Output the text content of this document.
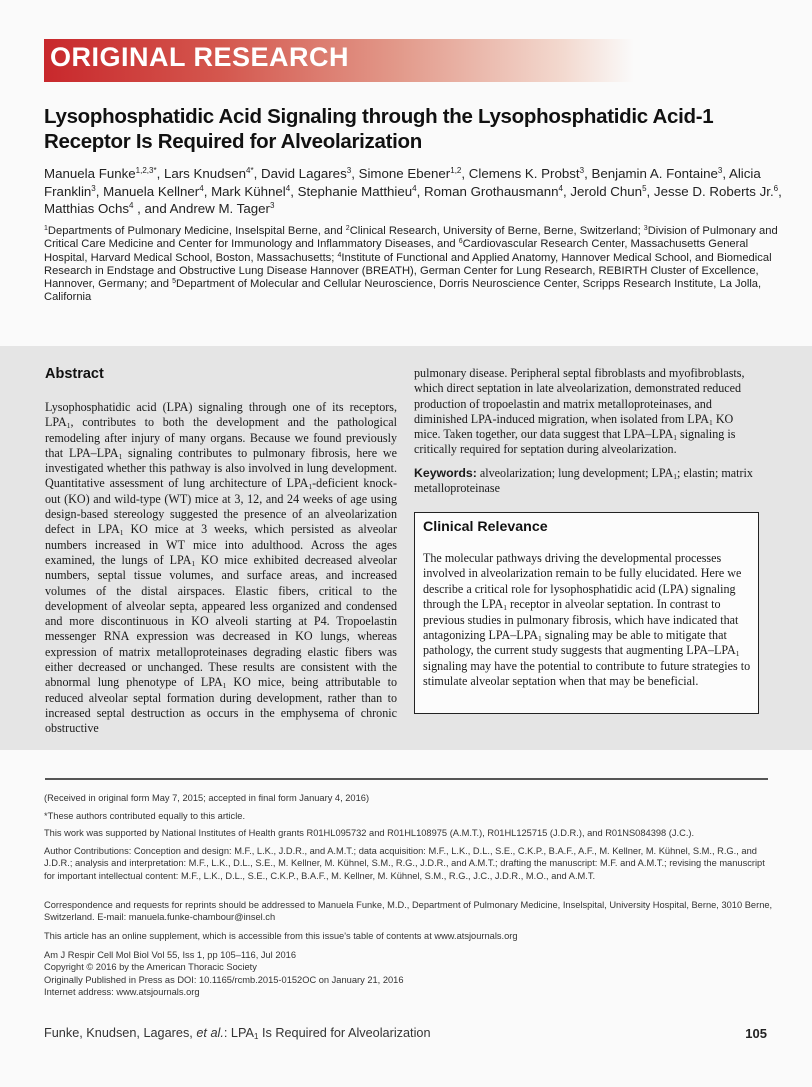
ORIGINAL RESEARCH
Lysophosphatidic Acid Signaling through the Lysophosphatidic Acid-1 Receptor Is Required for Alveolarization
Manuela Funke$^{1,2,3*}$, Lars Knudsen$^{4*}$, David Lagares$^3$, Simone Ebener$^{1,2}$, Clemens K. Probst$^3$, Benjamin A. Fontaine$^3$, Alicia Franklin$^3$, Manuela Kellner$^4$, Mark Kühnel$^4$, Stephanie Matthieu$^4$, Roman Grothausmann$^4$, Jerold Chun$^5$, Jesse D. Roberts Jr.$^6$, Matthias Ochs$^4$ , and Andrew M. Tager$^3$
$^1$Departments of Pulmonary Medicine, Inselspital Berne, and $^2$Clinical Research, University of Berne, Berne, Switzerland; $^3$Division of Pulmonary and Critical Care Medicine and Center for Immunology and Inflammatory Diseases, and $^6$Cardiovascular Research Center, Massachusetts General Hospital, Harvard Medical School, Boston, Massachusetts; $^4$Institute of Functional and Applied Anatomy, Hannover Medical School, and Biomedical Research in Endstage and Obstructive Lung Disease Hannover (BREATH), German Center for Lung Research, REBIRTH Cluster of Excellence, Hannover, Germany; and $^5$Department of Molecular and Cellular Neuroscience, Dorris Neuroscience Center, Scripps Research Institute, La Jolla, California
Abstract
Lysophosphatidic acid (LPA) signaling through one of its receptors, $LPA_1$, contributes to both the development and the pathological remodeling after injury of many organs. Because we found previously that LPA–$LPA_1$ signaling contributes to pulmonary fibrosis, here we investigated whether this pathway is also involved in lung development. Quantitative assessment of lung architecture of $LPA_1$-deficient knock-out (KO) and wild-type (WT) mice at 3, 12, and 24 weeks of age using design-based stereology suggested the presence of an alveolarization defect in $LPA_1$ KO mice at 3 weeks, which persisted as alveolar numbers increased in WT mice into adulthood. Across the ages examined, the lungs of $LPA_1$ KO mice exhibited decreased alveolar numbers, septal tissue volumes, and surface areas, and increased volumes of the distal airspaces. Elastic fibers, critical to the development of alveolar septa, appeared less organized and condensed and more discontinuous in KO alveoli starting at P4. Tropoelastin messenger RNA expression was decreased in KO lungs, whereas expression of matrix metalloproteinases degrading elastic fibers was either decreased or unchanged. These results are consistent with the abnormal lung phenotype of $LPA_1$ KO mice, being attributable to reduced alveolar septal formation during development, rather than to increased septal destruction as occurs in the emphysema of chronic obstructive
pulmonary disease. Peripheral septal fibroblasts and myofibroblasts, which direct septation in late alveolarization, demonstrated reduced production of tropoelastin and matrix metalloproteinases, and diminished LPA-induced migration, when isolated from $LPA_1$ KO mice. Taken together, our data suggest that LPA–$LPA_1$ signaling is critically required for septation during alveolarization.
Keywords: alveolarization; lung development; $LPA_1$; elastin; matrix metalloproteinase
Clinical Relevance
The molecular pathways driving the developmental processes involved in alveolarization remain to be fully elucidated. Here we describe a critical role for lysophosphatidic acid (LPA) signaling through the $LPA_1$ receptor in alveolar septation. In contrast to previous studies in pulmonary fibrosis, which have indicated that antagonizing LPA–$LPA_1$ signaling may be able to mitigate that pathology, the current study suggests that augmenting LPA–$LPA_1$ signaling may have the potential to contribute to future strategies to stimulate alveolar septation when that may be beneficial.
(Received in original form May 7, 2015; accepted in final form January 4, 2016)
*These authors contributed equally to this article.
This work was supported by National Institutes of Health grants R01HL095732 and R01HL108975 (A.M.T.), R01HL125715 (J.D.R.), and R01NS084398 (J.C.).
Author Contributions: Conception and design: M.F., L.K., J.D.R., and A.M.T.; data acquisition: M.F., L.K., D.L., S.E., C.K.P., B.A.F., A.F., M. Kellner, M. Kühnel, S.M., R.G., and J.D.R.; analysis and interpretation: M.F., L.K., D.L., S.E., M. Kellner, M. Kühnel, S.M., R.G., J.D.R., and A.M.T.; drafting the manuscript: M.F. and A.M.T.; revising the manuscript for important intellectual content: M.F., L.K., D.L., S.E., C.K.P., B.A.F., M. Kellner, M. Kühnel, S.M., R.G., J.C., J.D.R., M.O., and A.M.T.
Correspondence and requests for reprints should be addressed to Manuela Funke, M.D., Department of Pulmonary Medicine, Inselspital, University Hospital, Berne, 3010 Berne, Switzerland. E-mail: manuela.funke-chambour@insel.ch
This article has an online supplement, which is accessible from this issue's table of contents at www.atsjournals.org
Am J Respir Cell Mol Biol Vol 55, Iss 1, pp 105–116, Jul 2016
Copyright © 2016 by the American Thoracic Society
Originally Published in Press as DOI: 10.1165/rcmb.2015-0152OC on January 21, 2016
Internet address: www.atsjournals.org
Funke, Knudsen, Lagares, et al.: $LPA_1$ Is Required for Alveolarization	105
